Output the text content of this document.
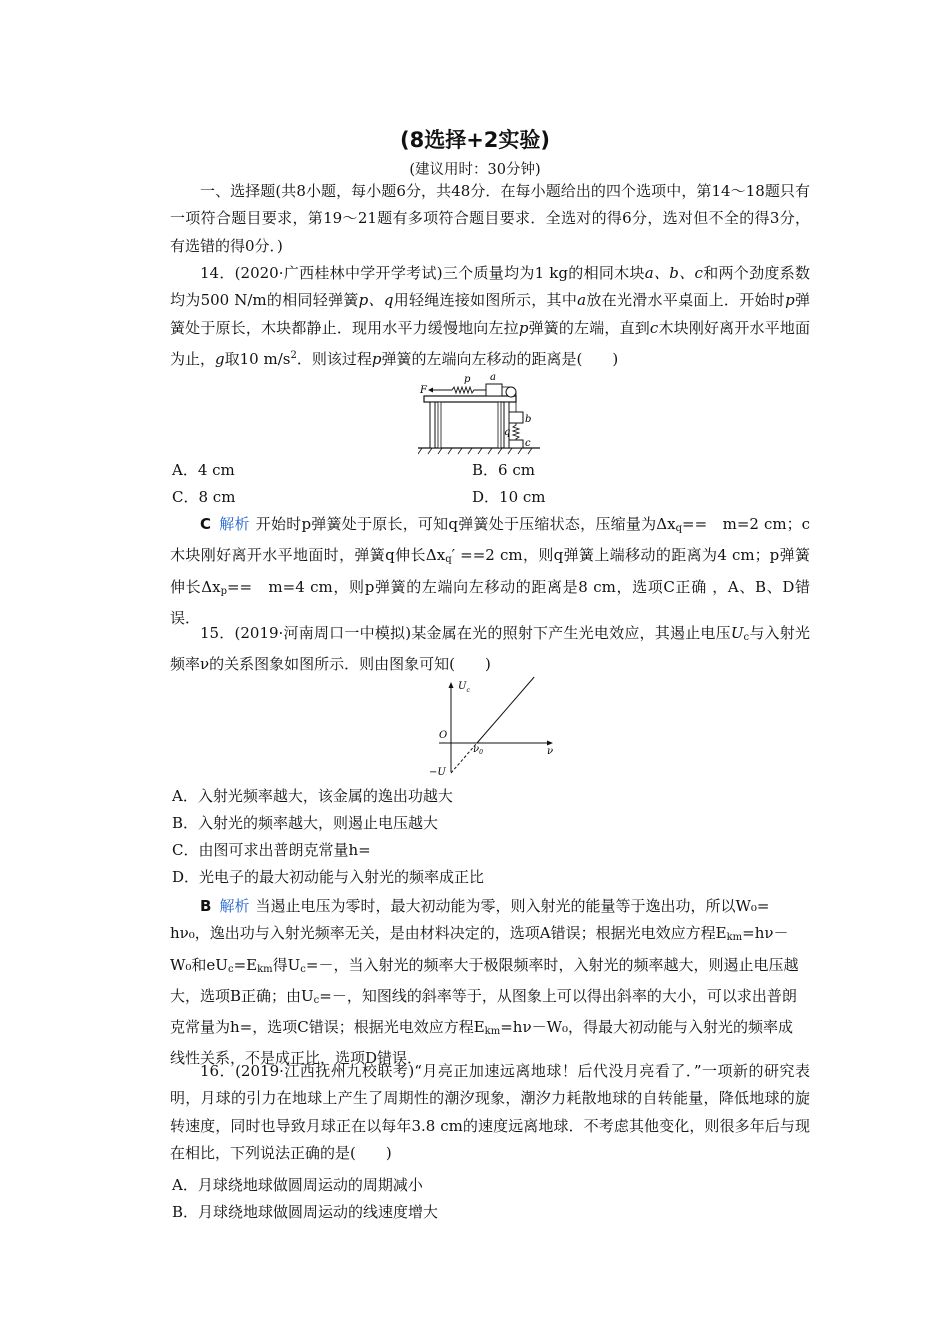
(8选择+2实验)
(建议用时：30分钟)
一、选择题(共8小题，每小题6分，共48分．在每小题给出的四个选项中，第14～18题只有一项符合题目要求，第19～21题有多项符合题目要求．全选对的得6分，选对但不全的得3分，有选错的得0分．)
14．(2020·广西桂林中学开学考试)三个质量均为1 kg的相同木块a、b、c和两个劲度系数均为500 N/m的相同轻弹簧p、q用轻绳连接如图所示，其中a放在光滑水平桌面上．开始时p弹簧处于原长，木块都静止．现用水平力缓慢地向左拉p弹簧的左端，直到c木块刚好离开水平地面为止，g取10 $m/s^2$．则该过程p弹簧的左端向左移动的距离是(　　)
F
p a
b
q
c
A．4 cm	B．6 cm
C．8 cm	D．10 cm
C 解析 开始时p弹簧处于原长，可知q弹簧处于压缩状态，压缩量为$\Delta x_q==$　m=2 cm；c木块刚好离开水平地面时，弹簧q伸长$\Delta x_q' ==2$ cm，则q弹簧上端移动的距离为4 cm；p弹簧伸长$\Delta x_p==$　m=4 cm，则p弹簧的左端向左移动的距离是8 cm，选项C正确 ，A、B、D错误．
15．(2019·河南周口一中模拟)某金属在光的照射下产生光电效应，其遏止电压$U_c$与入射光频率ν的关系图象如图所示．则由图象可知(　　)
$U_c$
O
$\nu_0$	ν
−U
A．入射光频率越大，该金属的逸出功越大
B．入射光的频率越大，则遏止电压越大
C．由图可求出普朗克常量h=
D．光电子的最大初动能与入射光的频率成正比
B 解析 当遏止电压为零时，最大初动能为零，则入射光的能量等于逸出功，所以W₀=
hν₀，逸出功与入射光频率无关，是由材料决定的，选项A错误；根据光电效应方程$E_{km}=h\nu-$
W₀和$eU_c=E_{km}$得$U_c=-$，当入射光的频率大于极限频率时，入射光的频率越大，则遏止电压越
大，选项B正确；由$U_c=-$，知图线的斜率等于，从图象上可以得出斜率的大小，可以求出普朗
克常量为h=，选项C错误；根据光电效应方程$E_{km}=h\nu-W_0$，得最大初动能与入射光的频率成
线性关系，不是成正比，选项D错误．
16．(2019·江西抚州九校联考)“月亮正加速远离地球！后代没月亮看了．”一项新的研究表明，月球的引力在地球上产生了周期性的潮汐现象，潮汐力耗散地球的自转能量，降低地球的旋转速度，同时也导致月球正在以每年3.8 cm的速度远离地球．不考虑其他变化，则很多年后与现在相比，下列说法正确的是(　　)
A．月球绕地球做圆周运动的周期减小
B．月球绕地球做圆周运动的线速度增大
